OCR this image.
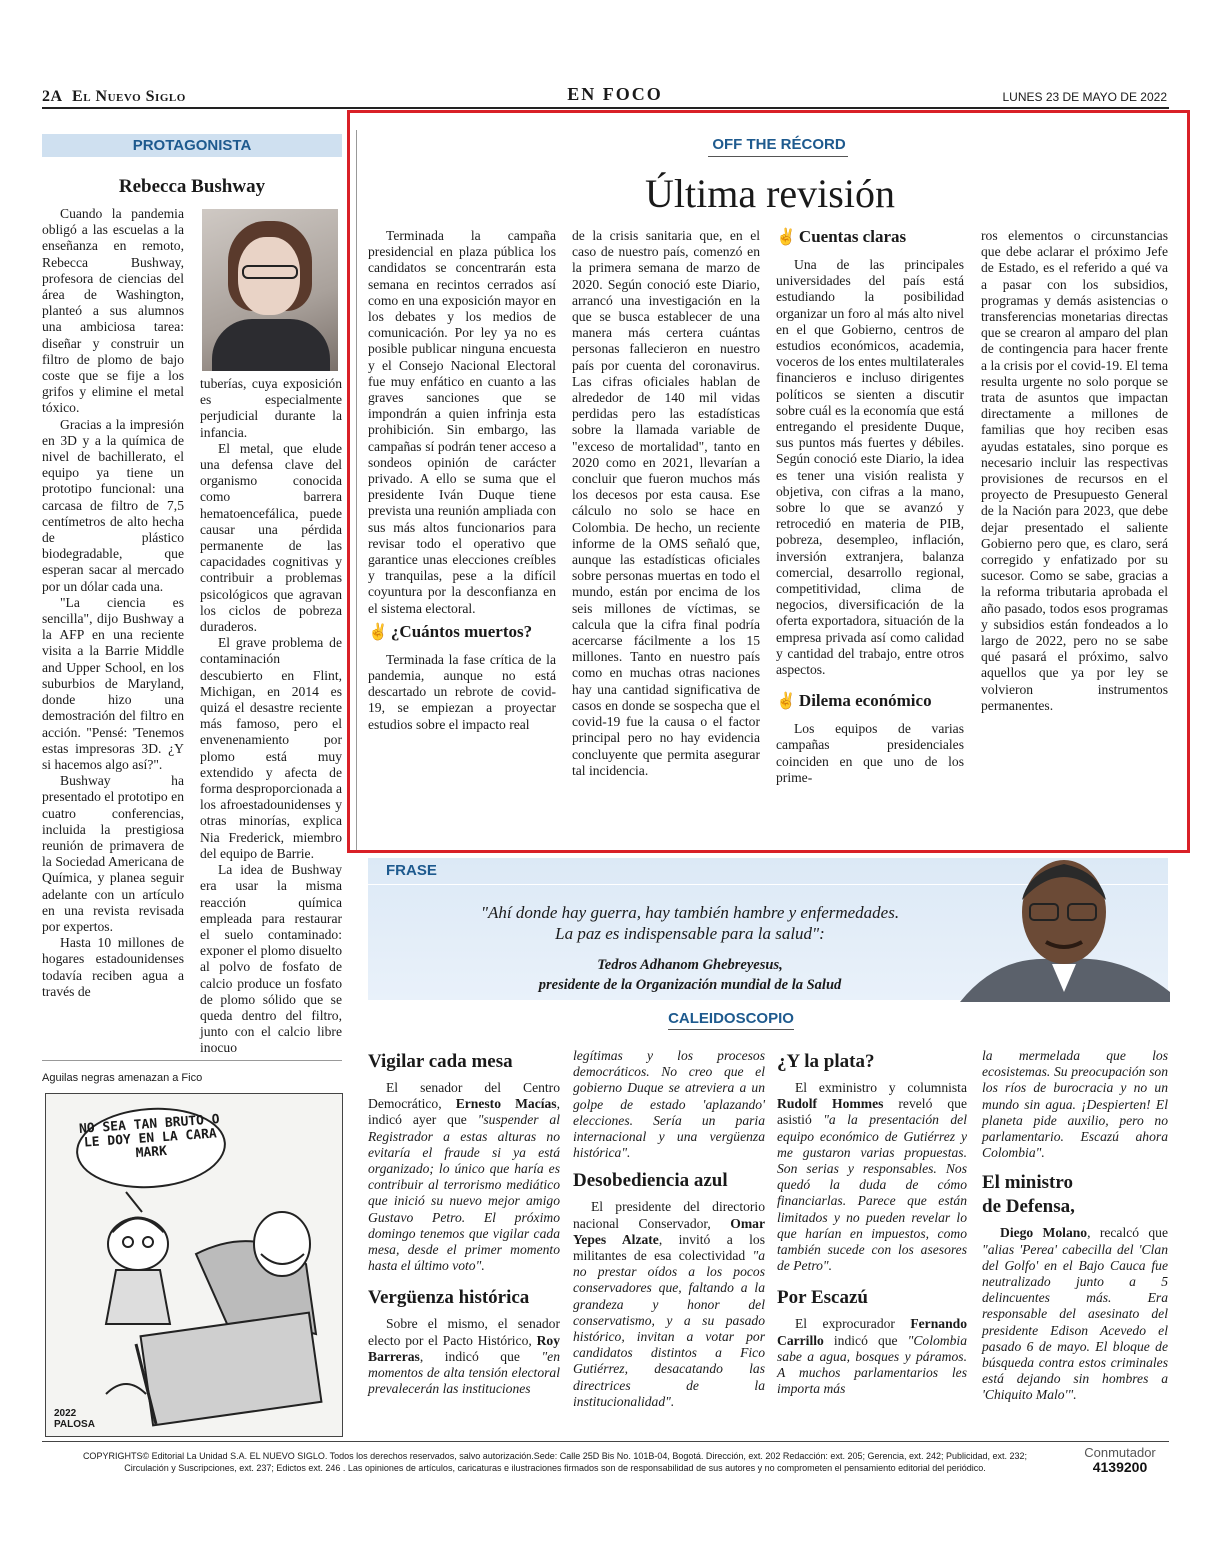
2A El Nuevo Siglo	EN FOCO	LUNES 23 DE MAYO DE 2022
PROTAGONISTA
Rebecca Bushway

Cuando la pandemia obligó a las escuelas a la enseñanza en remoto, Rebecca Bushway, profesora de ciencias del área de Washington, planteó a sus alumnos una ambiciosa tarea: diseñar y construir un filtro de plomo de bajo coste que se fije a los grifos y elimine el metal tóxico.

Gracias a la impresión en 3D y a la química de nivel de bachillerato, el equipo ya tiene un prototipo funcional: una carcasa de filtro de 7,5 centímetros de alto hecha de plástico biodegradable, que esperan sacar al mercado por un dólar cada una.

"La ciencia es sencilla", dijo Bushway a la AFP en una reciente visita a la Barrie Middle and Upper School, en los suburbios de Maryland, donde hizo una demostración del filtro en acción. "Pensé: 'Tenemos estas impresoras 3D. ¿Y si hacemos algo así?".

Bushway ha presentado el prototipo en cuatro conferencias, incluida la prestigiosa reunión de primavera de la Sociedad Americana de Química, y planea seguir adelante con un artículo en una revista revisada por expertos.

Hasta 10 millones de hogares estadounidenses todavía reciben agua a través de

tuberías, cuya exposición es especialmente perjudicial durante la infancia.

El metal, que elude una defensa clave del organismo conocida como barrera hematoencefálica, puede causar una pérdida permanente de las capacidades cognitivas y contribuir a problemas psicológicos que agravan los ciclos de pobreza duraderos.

El grave problema de contaminación descubierto en Flint, Michigan, en 2014 es quizá el desastre reciente más famoso, pero el envenenamiento por plomo está muy extendido y afecta de forma desproporcionada a los afroestadounidenses y otras minorías, explica Nia Frederick, miembro del equipo de Barrie.

La idea de Bushway era usar la misma reacción química empleada para restaurar el suelo contaminado: exponer el plomo disuelto al polvo de fosfato de calcio produce un fosfato de plomo sólido que se queda dentro del filtro, junto con el calcio libre inocuo

Aguilas negras amenazan a Fico
NO SEA TAN BRUTO O LE DOY EN LA CARA MARK
2022 PALOSA
OFF THE RÉCORD
Última revisión

Terminada la campaña presidencial en plaza pública los candidatos se concentrarán esta semana en recintos cerrados así como en una exposición mayor en los debates y los medios de comunicación. Por ley ya no es posible publicar ninguna encuesta y el Consejo Nacional Electoral fue muy enfático en cuanto a las graves sanciones que se impondrán a quien infrinja esta prohibición. Sin embargo, las campañas sí podrán tener acceso a sondeos opinión de carácter privado. A ello se suma que el presidente Iván Duque tiene prevista una reunión ampliada con sus más altos funcionarios para revisar todo el operativo que garantice unas elecciones creíbles y tranquilas, pese a la difícil coyuntura por la desconfianza en el sistema electoral.

✌ ¿Cuántos muertos?

Terminada la fase crítica de la pandemia, aunque no está descartado un rebrote de covid-19, se empiezan a proyectar estudios sobre el impacto real

de la crisis sanitaria que, en el caso de nuestro país, comenzó en la primera semana de marzo de 2020. Según conoció este Diario, arrancó una investigación en la que se busca establecer de una manera más certera cuántas personas fallecieron en nuestro país por cuenta del coronavirus. Las cifras oficiales hablan de alrededor de 140 mil vidas perdidas pero las estadísticas sobre la llamada variable de "exceso de mortalidad", tanto en 2020 como en 2021, llevarían a concluir que fueron muchos más los decesos por esta causa. Ese cálculo no solo se hace en Colombia. De hecho, un reciente informe de la OMS señaló que, aunque las estadísticas oficiales sobre personas muertas en todo el mundo, están por encima de los seis millones de víctimas, se calcula que la cifra final podría acercarse fácilmente a los 15 millones. Tanto en nuestro país como en muchas otras naciones hay una cantidad significativa de casos en donde se sospecha que el covid-19 fue la causa o el factor principal pero no hay evidencia concluyente que permita asegurar tal incidencia.

✌ Cuentas claras

Una de las principales universidades del país está estudiando la posibilidad organizar un foro al más alto nivel en el que Gobierno, centros de estudios económicos, academia, voceros de los entes multilaterales financieros e incluso dirigentes políticos se sienten a discutir sobre cuál es la economía que está entregando el presidente Duque, sus puntos más fuertes y débiles. Según conoció este Diario, la idea es tener una visión realista y objetiva, con cifras a la mano, sobre lo que se avanzó y retrocedió en materia de PIB, pobreza, desempleo, inflación, inversión extranjera, balanza comercial, desarrollo regional, competitividad, clima de negocios, diversificación de la oferta exportadora, situación de la empresa privada así como calidad y cantidad del trabajo, entre otros aspectos.

✌ Dilema económico

Los equipos de varias campañas presidenciales coinciden en que uno de los prime-

ros elementos o circunstancias que debe aclarar el próximo Jefe de Estado, es el referido a qué va a pasar con los subsidios, programas y demás asistencias o transferencias monetarias directas que se crearon al amparo del plan de contingencia para hacer frente a la crisis por el covid-19. El tema resulta urgente no solo porque se trata de asuntos que impactan directamente a millones de familias que hoy reciben esas ayudas estatales, sino porque es necesario incluir las respectivas provisiones de recursos en el proyecto de Presupuesto General de la Nación para 2023, que debe dejar presentado el saliente Gobierno pero que, es claro, será corregido y enfatizado por su sucesor. Como se sabe, gracias a la reforma tributaria aprobada el año pasado, todos esos programas y subsidios están fondeados a lo largo de 2022, pero no se sabe qué pasará el próximo, salvo aquellos que ya por ley se volvieron instrumentos permanentes.

FRASE
"Ahí donde hay guerra, hay también hambre y enfermedades.
La paz es indispensable para la salud":
Tedros Adhanom Ghebreyesus,
presidente de la Organización mundial de la Salud
CALEIDOSCOPIO
Vigilar cada mesa

El senador del Centro Democrático, Ernesto Macías, indicó ayer que "suspender al Registrador a estas alturas no evitaría el fraude si ya está organizado; lo único que haría es contribuir al terrorismo mediático que inició su nuevo mejor amigo Gustavo Petro. El próximo domingo tenemos que vigilar cada mesa, desde el primer momento hasta el último voto".

Vergüenza histórica

Sobre el mismo, el senador electo por el Pacto Histórico, Roy Barreras, indicó que "en momentos de alta tensión electoral prevalecerán las instituciones

legítimas y los procesos democráticos. No creo que el gobierno Duque se atreviera a un golpe de estado 'aplazando' elecciones. Sería un paria internacional y una vergüenza histórica".

Desobediencia azul

El presidente del directorio nacional Conservador, Omar Yepes Alzate, invitó a los militantes de esa colectividad "a no prestar oídos a los pocos conservadores que, faltando a la grandeza y honor del conservatismo, y a su pasado histórico, invitan a votar por candidatos distintos a Fico Gutiérrez, desacatando las directrices de la institucionalidad".

¿Y la plata?

El exministro y columnista Rudolf Hommes reveló que asistió "a la presentación del equipo económico de Gutiérrez y me gustaron varias propuestas. Son serias y responsables. Nos quedó la duda de cómo financiarlas. Parece que están limitados y no pueden revelar lo que harían en impuestos, como también sucede con los asesores de Petro".

Por Escazú

El exprocurador Fernando Carrillo indicó que "Colombia sabe a agua, bosques y páramos. A muchos parlamentarios les importa más

la mermelada que los ecosistemas. Su preocupación son los ríos de burocracia y no un mundo sin agua. ¡Despierten! El planeta pide auxilio, pero no parlamentario. Escazú ahora Colombia".

El ministro
de Defensa,

Diego Molano, recalcó que "alias 'Perea' cabecilla del 'Clan del Golfo' en el Bajo Cauca fue neutralizado junto a 5 delincuentes más. Era responsable del asesinato del presidente Edison Acevedo el pasado 6 de mayo. El bloque de búsqueda contra estos criminales está dejando sin hombres a 'Chiquito Malo'".

COPYRIGHTS© Editorial La Unidad S.A. EL NUEVO SIGLO. Todos los derechos reservados, salvo autorización.Sede: Calle 25D Bis No. 101B-04, Bogotá. Dirección, ext. 202 Redacción: ext. 205; Gerencia, ext. 242; Publicidad, ext. 232;
Circulación y Suscripciones, ext. 237; Edictos ext. 246 . Las opiniones de artículos, caricaturas e ilustraciones firmados son de responsabilidad de sus autores y no comprometen el pensamiento editorial del periódico.
Conmutador
4139200
